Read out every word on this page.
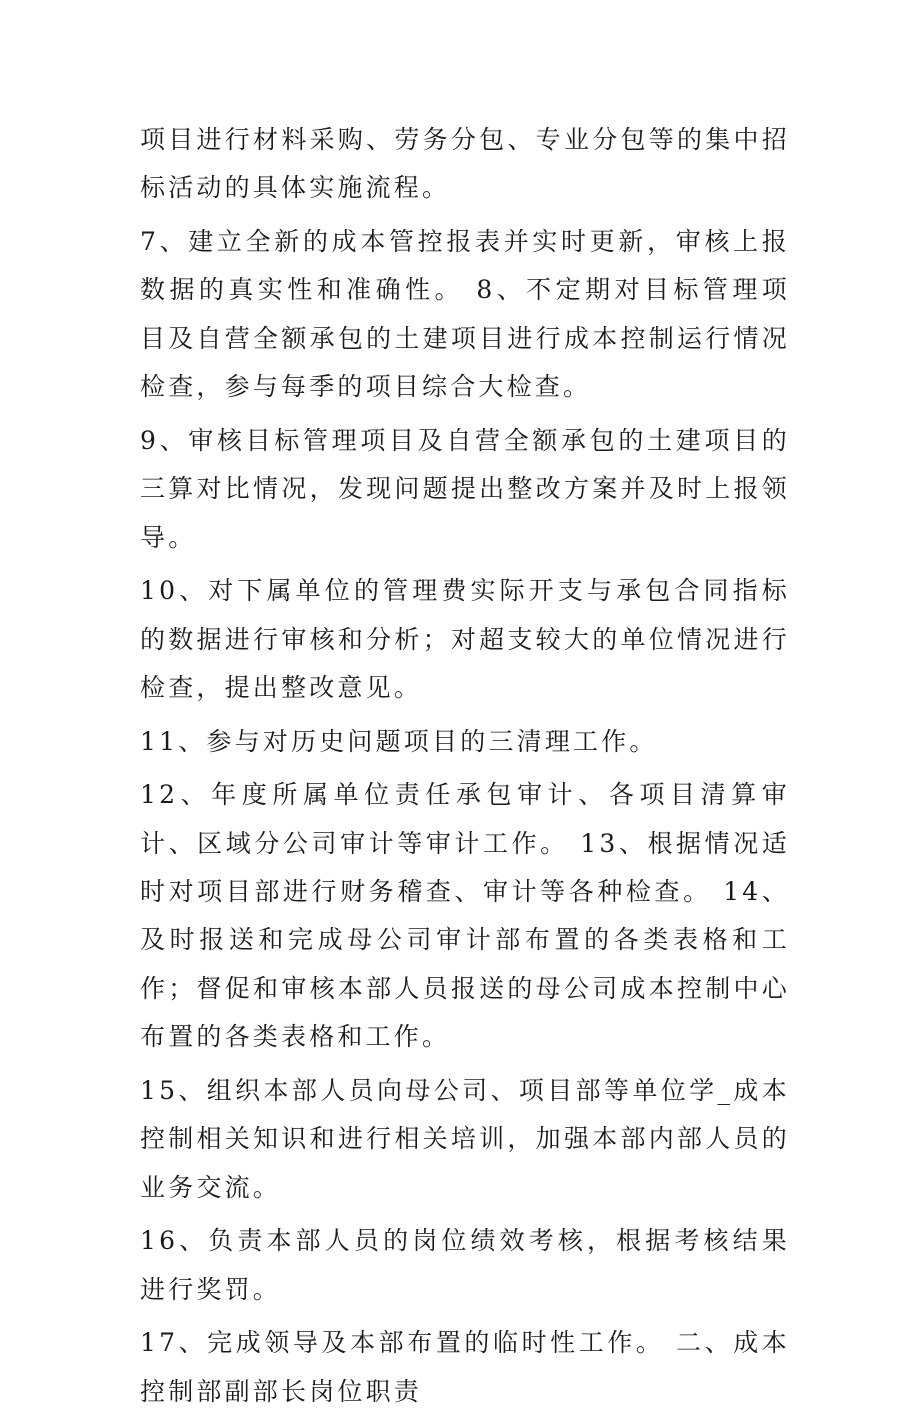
项目进行材料采购、劳务分包、专业分包等的集中招标活动的具体实施流程。

7、建立全新的成本管控报表并实时更新，审核上报数据的真实性和准确性。 8、不定期对目标管理项目及自营全额承包的土建项目进行成本控制运行情况检查，参与每季的项目综合大检查。

9、审核目标管理项目及自营全额承包的土建项目的三算对比情况，发现问题提出整改方案并及时上报领导。

10、对下属单位的管理费实际开支与承包合同指标的数据进行审核和分析；对超支较大的单位情况进行检查，提出整改意见。

11、参与对历史问题项目的三清理工作。

12、年度所属单位责任承包审计、各项目清算审计、区域分公司审计等审计工作。 13、根据情况适时对项目部进行财务稽查、审计等各种检查。 14、及时报送和完成母公司审计部布置的各类表格和工作；督促和审核本部人员报送的母公司成本控制中心布置的各类表格和工作。

15、组织本部人员向母公司、项目部等单位学_成本控制相关知识和进行相关培训，加强本部内部人员的业务交流。

16、负责本部人员的岗位绩效考核，根据考核结果进行奖罚。

17、完成领导及本部布置的临时性工作。 二、成本控制部副部长岗位职责
